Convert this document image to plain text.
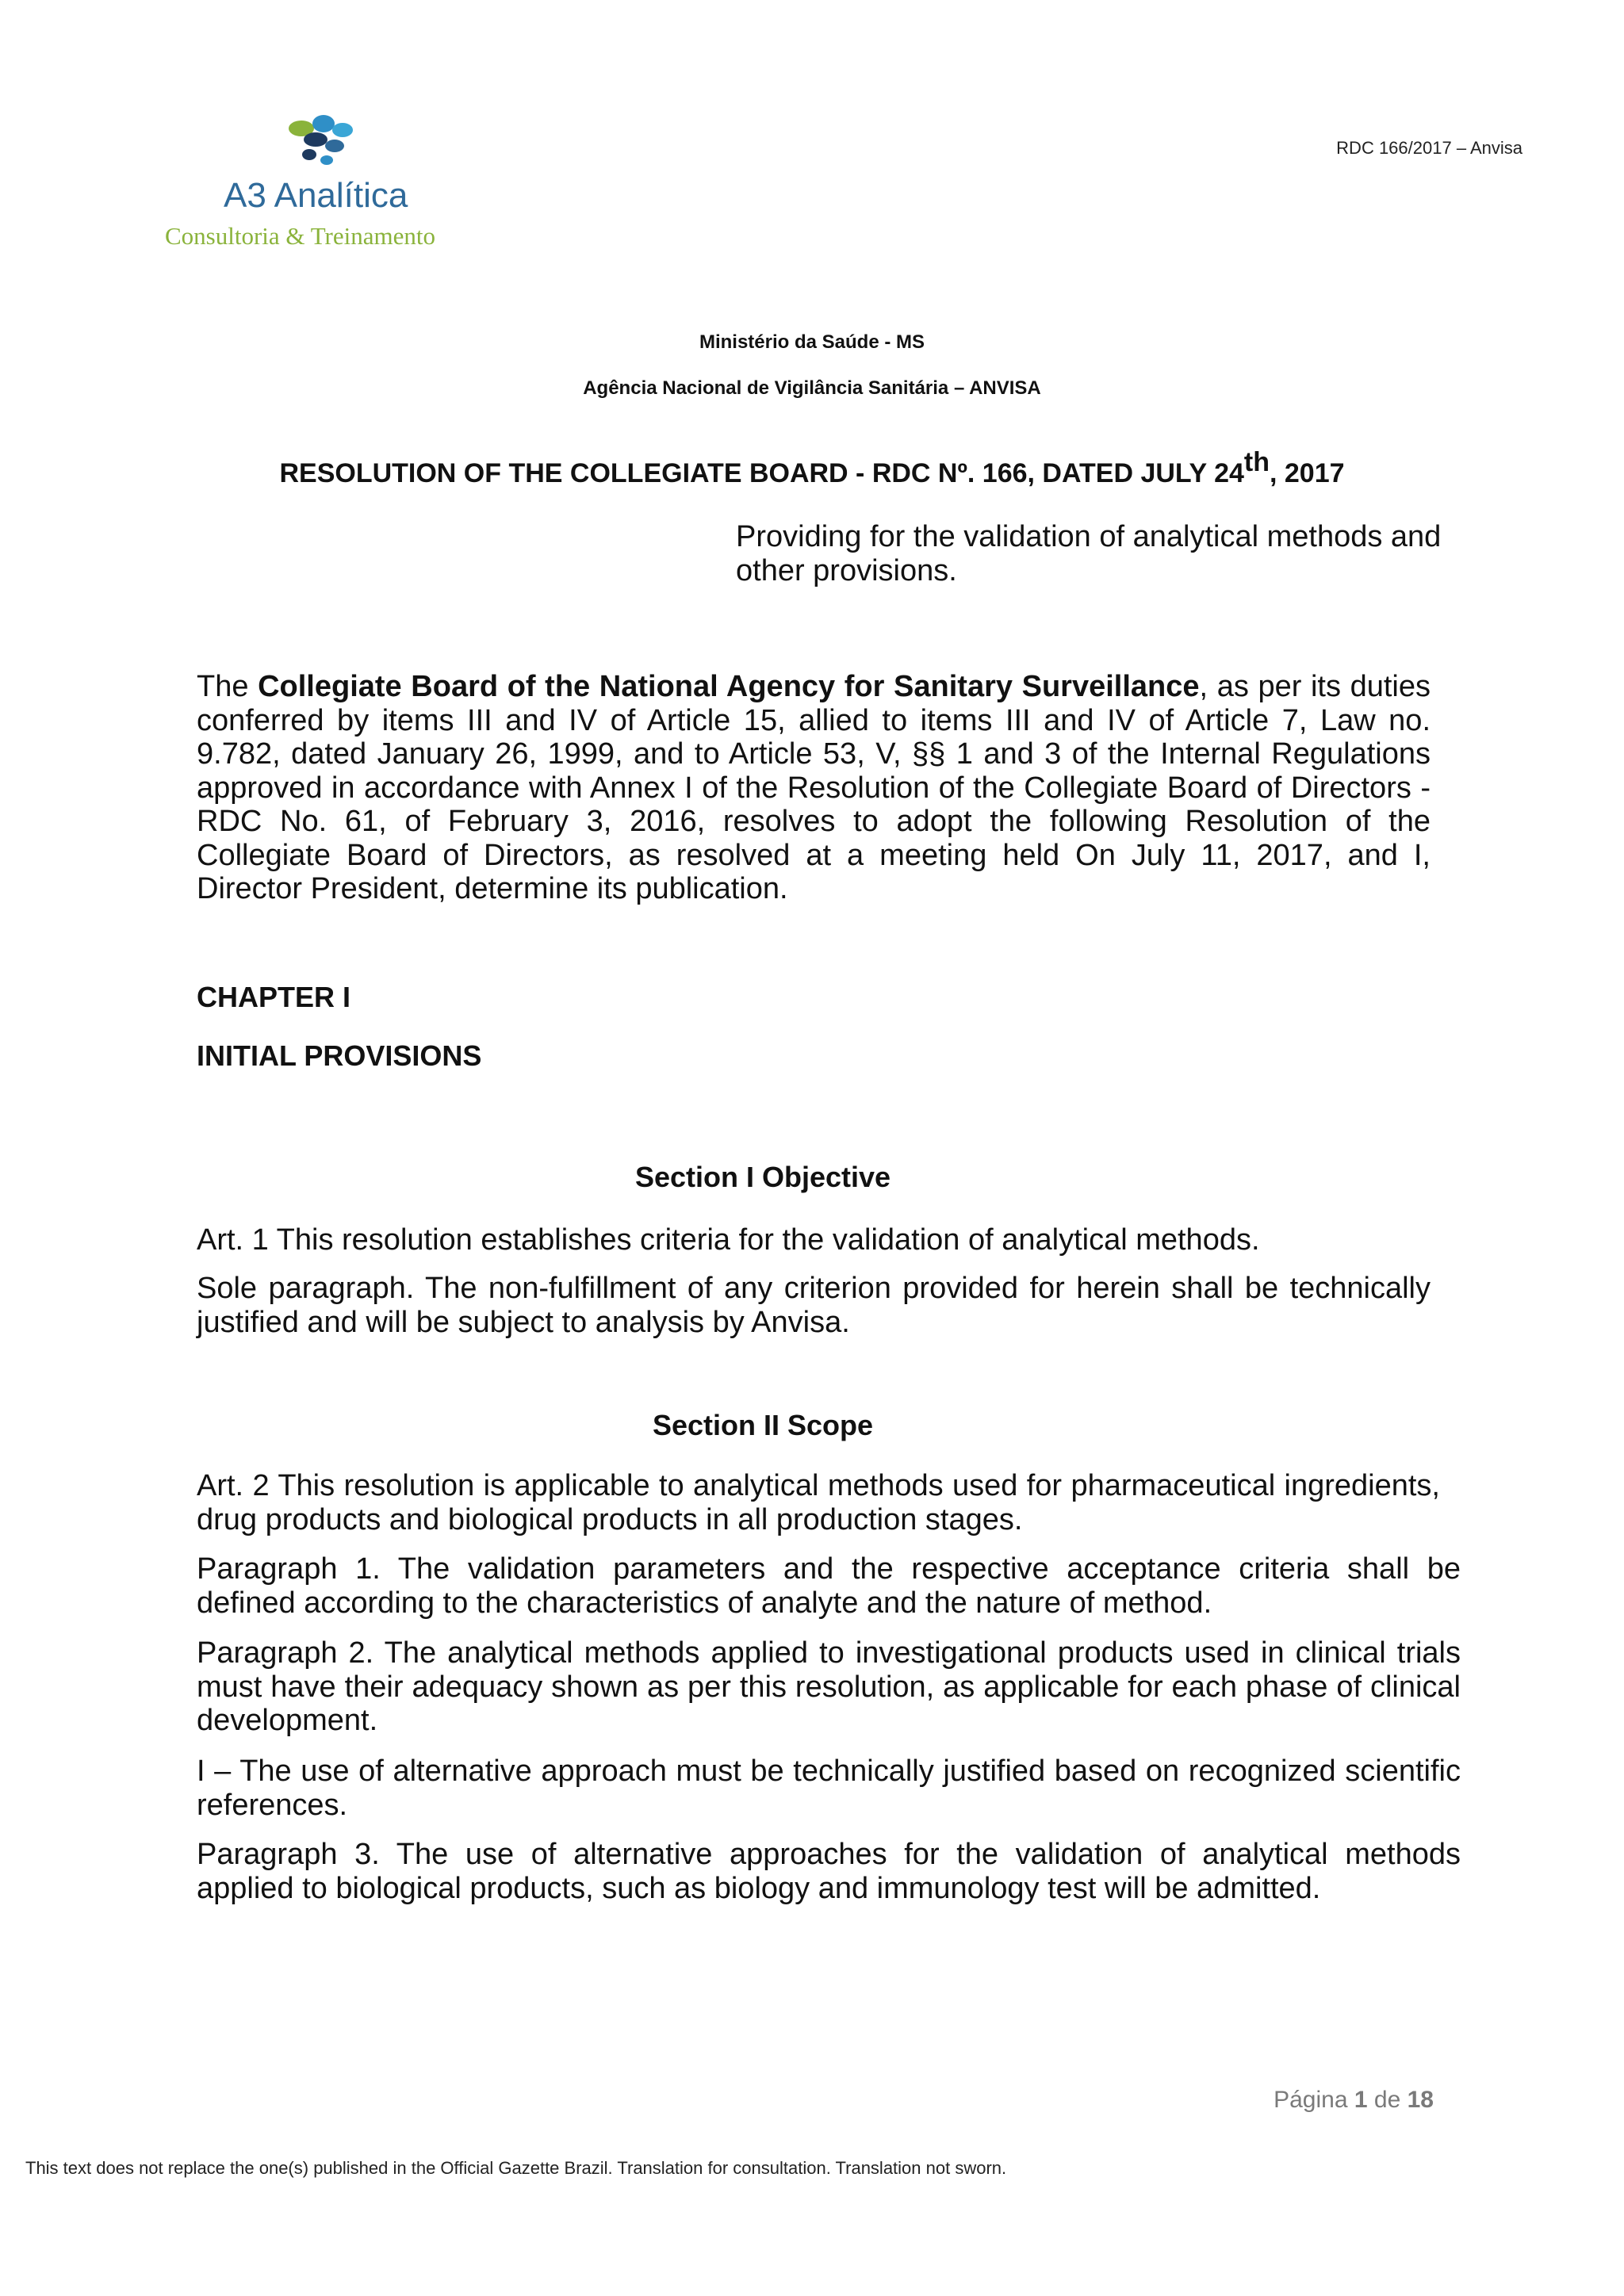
A3 Analítica
Consultoria & Treinamento
RDC 166/2017 – Anvisa
Ministério da Saúde - MS
Agência Nacional de Vigilância Sanitária – ANVISA
RESOLUTION OF THE COLLEGIATE BOARD - RDC Nº. 166, DATED JULY 24th, 2017
Providing for the validation of analytical methods and other provisions.
The Collegiate Board of the National Agency for Sanitary Surveillance, as per its duties conferred by items III and IV of Article 15, allied to items III and IV of Article 7, Law no. 9.782, dated January 26, 1999, and to Article 53, V, §§ 1 and 3 of the Internal Regulations approved in accordance with Annex I of the Resolution of the Collegiate Board of Directors - RDC No. 61, of February 3, 2016, resolves to adopt the following Resolution of the Collegiate Board of Directors, as resolved at a meeting held On July 11, 2017, and I, Director President, determine its publication.
CHAPTER I
INITIAL PROVISIONS
Section I Objective
Art. 1 This resolution establishes criteria for the validation of analytical methods.
Sole paragraph. The non-fulfillment of any criterion provided for herein shall be technically justified and will be subject to analysis by Anvisa.
Section II Scope
Art. 2 This resolution is applicable to analytical methods used for pharmaceutical ingredients, drug products and biological products in all production stages.
Paragraph 1. The validation parameters and the respective acceptance criteria shall be defined according to the characteristics of analyte and the nature of method.
Paragraph 2. The analytical methods applied to investigational products used in clinical trials must have their adequacy shown as per this resolution, as applicable for each phase of clinical development.
I – The use of alternative approach must be technically justified based on recognized scientific references.
Paragraph 3. The use of alternative approaches for the validation of analytical methods applied to biological products, such as biology and immunology test will be admitted.
Página 1 de 18
This text does not replace the one(s) published in the Official Gazette Brazil. Translation for consultation. Translation not sworn.
